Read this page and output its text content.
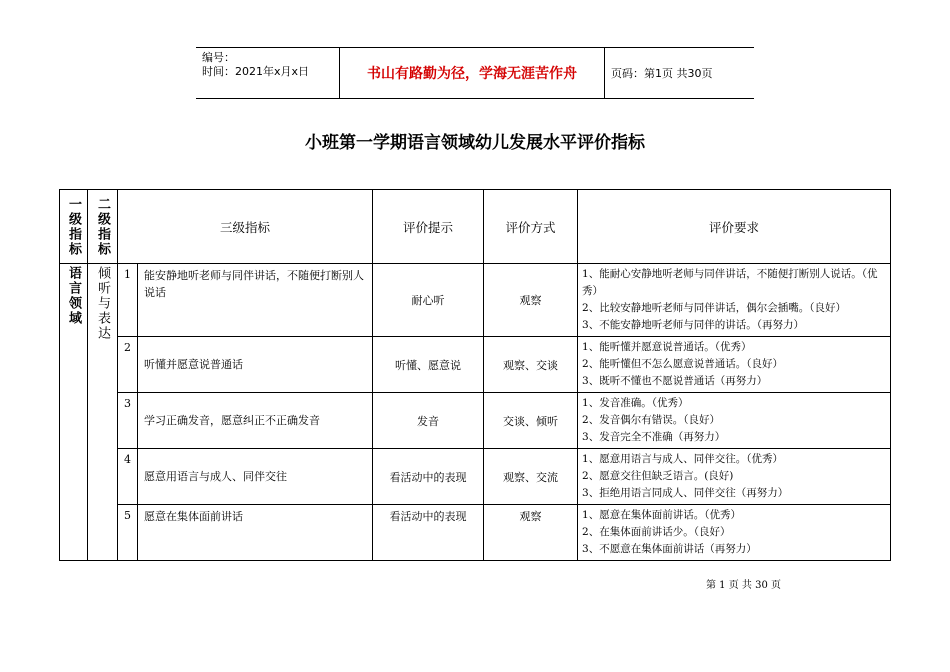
编号：
时间：2021年x月x日	书山有路勤为径，学海无涯苦作舟	页码：第1页 共30页
小班第一学期语言领域幼儿发展水平评价指标
一级指标	二级指标	三级指标		评价提示	评价方式	评价要求

语言领域	倾听与表达	1	能安静地听老师与同伴讲话，不随便打断别人说话	耐心听	观察	1、能耐心安静地听老师与同伴讲话，不随便打断别人说话。（优秀）
2、比较安静地听老师与同伴讲话，偶尔会插嘴。（良好）
3、不能安静地听老师与同伴的讲话。（再努力）

		2	听懂并愿意说普通话	听懂、愿意说	观察、交谈	1、能听懂并愿意说普通话。（优秀）
2、能听懂但不怎么愿意说普通话。（良好）
3、既听不懂也不愿说普通话（再努力）

		3	学习正确发音，愿意纠正不正确发音	发音	交谈、倾听	1、发音准确。（优秀）
2、发音偶尔有错误。（良好）
3、发音完全不准确（再努力）

		4	愿意用语言与成人、同伴交往	看活动中的表现	观察、交流	1、愿意用语言与成人、同伴交往。（优秀）
2、愿意交往但缺乏语言。(良好)
3、拒绝用语言同成人、同伴交往（再努力）

		5	愿意在集体面前讲话	看活动中的表现	观察	1、愿意在集体面前讲话。（优秀）
2、在集体面前讲话少。（良好）
3、不愿意在集体面前讲话（再努力）
第 1 页 共 30 页
